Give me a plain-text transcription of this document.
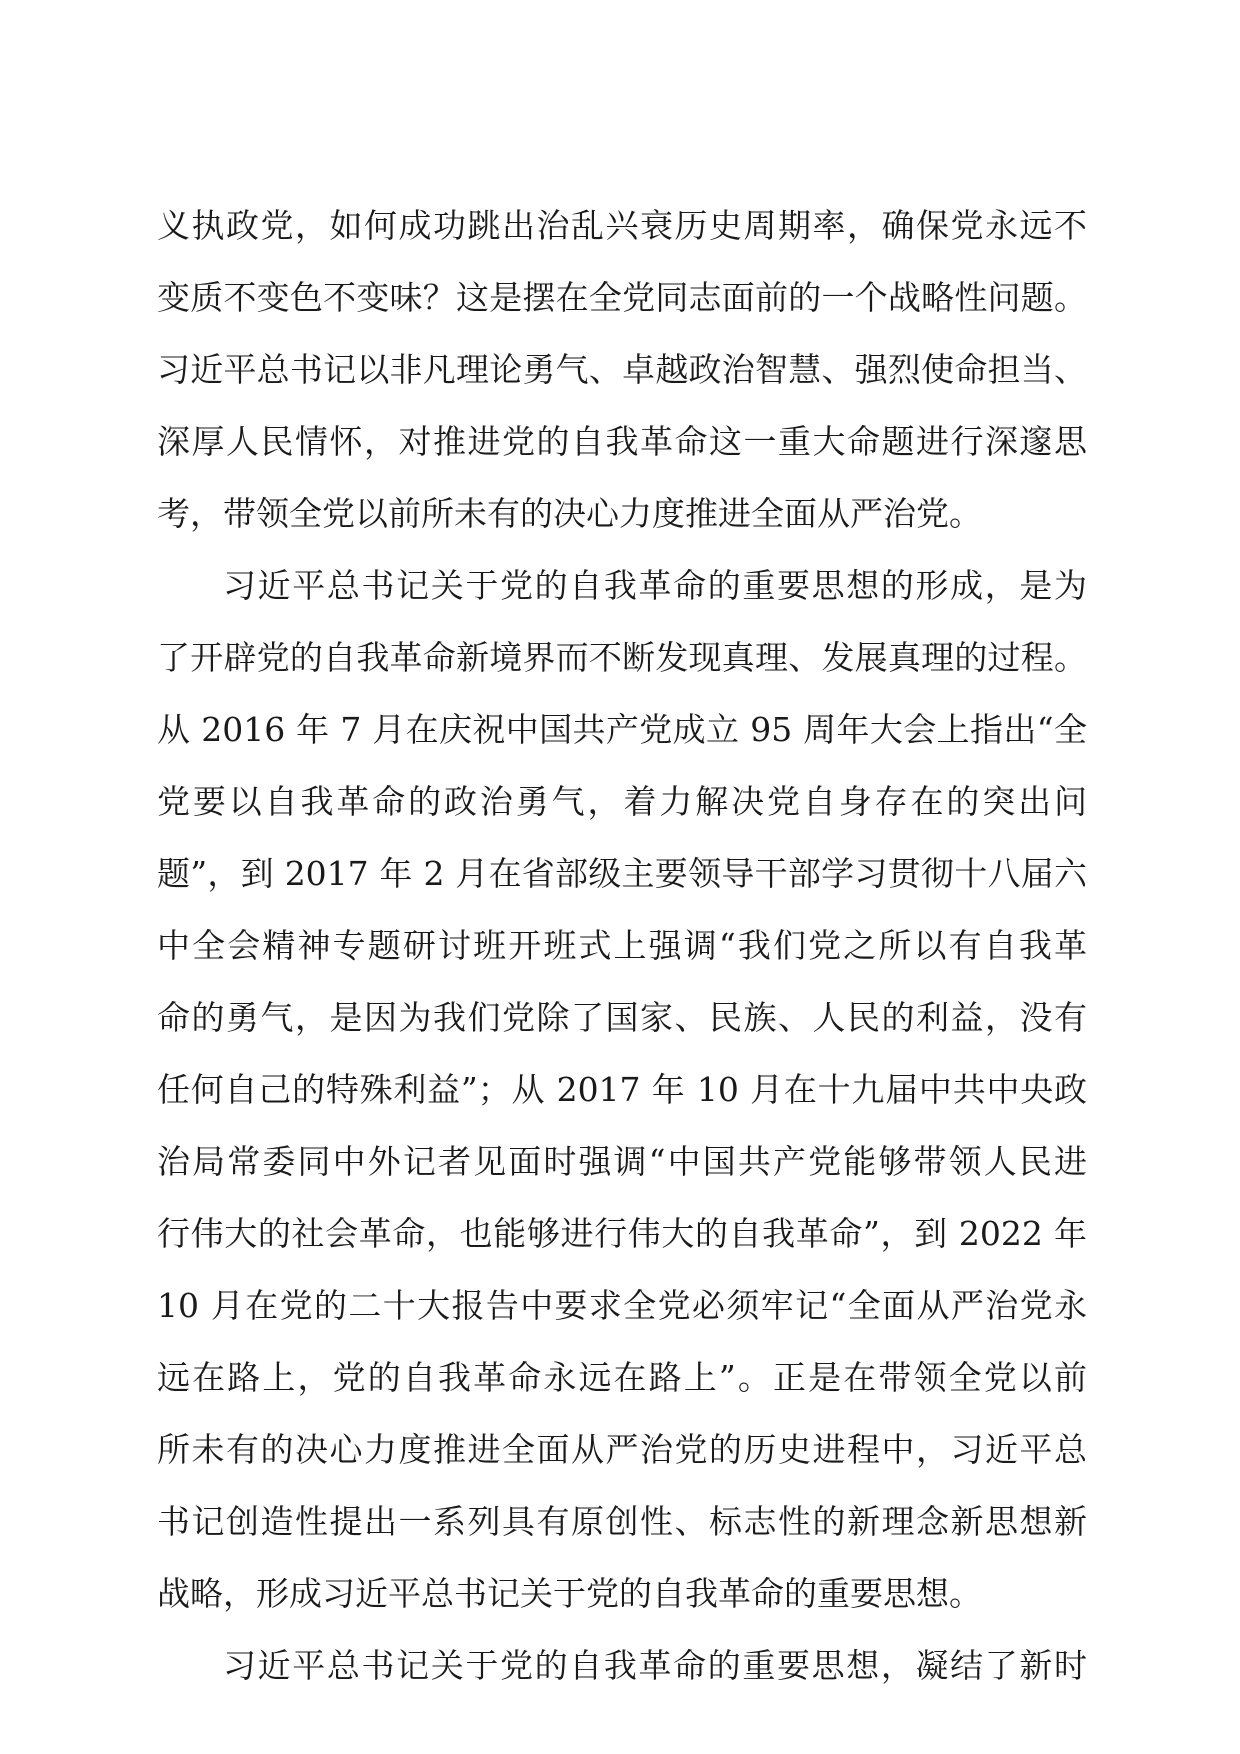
义执政党，如何成功跳出治乱兴衰历史周期率，确保党永远不
变质不变色不变味？这是摆在全党同志面前的一个战略性问题。
习近平总书记以非凡理论勇气、卓越政治智慧、强烈使命担当、
深厚人民情怀，对推进党的自我革命这一重大命题进行深邃思
考，带领全党以前所未有的决心力度推进全面从严治党。
习近平总书记关于党的自我革命的重要思想的形成，是为
了开辟党的自我革命新境界而不断发现真理、发展真理的过程。
从 2016 年 7 月在庆祝中国共产党成立 95 周年大会上指出“全
党要以自我革命的政治勇气，着力解决党自身存在的突出问
题”，到 2017 年 2 月在省部级主要领导干部学习贯彻十八届六
中全会精神专题研讨班开班式上强调“我们党之所以有自我革
命的勇气，是因为我们党除了国家、民族、人民的利益，没有
任何自己的特殊利益”；从 2017 年 10 月在十九届中共中央政
治局常委同中外记者见面时强调“中国共产党能够带领人民进
行伟大的社会革命，也能够进行伟大的自我革命”，到 2022 年
10 月在党的二十大报告中要求全党必须牢记“全面从严治党永
远在路上，党的自我革命永远在路上”。正是在带领全党以前
所未有的决心力度推进全面从严治党的历史进程中，习近平总
书记创造性提出一系列具有原创性、标志性的新理念新思想新
战略，形成习近平总书记关于党的自我革命的重要思想。
习近平总书记关于党的自我革命的重要思想，凝结了新时
